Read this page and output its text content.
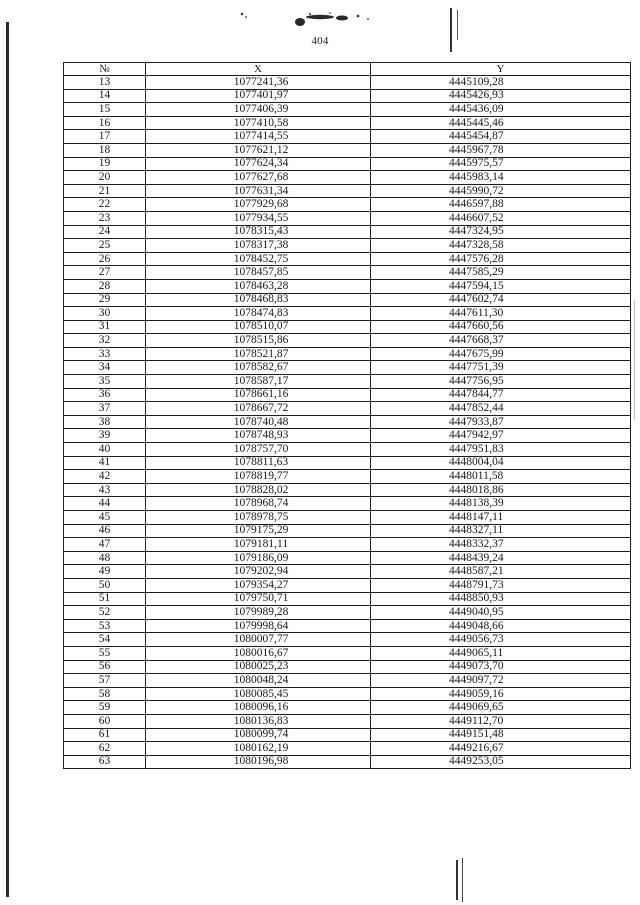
404
№	X	Y
13	1077241,36	4445109,28
14	1077401,97	4445426,93
15	1077406,39	4445436,09
16	1077410,58	4445445,46
17	1077414,55	4445454,87
18	1077621,12	4445967,78
19	1077624,34	4445975,57
20	1077627,68	4445983,14
21	1077631,34	4445990,72
22	1077929,68	4446597,88
23	1077934,55	4446607,52
24	1078315,43	4447324,95
25	1078317,38	4447328,58
26	1078452,75	4447576,28
27	1078457,85	4447585,29
28	1078463,28	4447594,15
29	1078468,83	4447602,74
30	1078474,83	4447611,30
31	1078510,07	4447660,56
32	1078515,86	4447668,37
33	1078521,87	4447675,99
34	1078582,67	4447751,39
35	1078587,17	4447756,95
36	1078661,16	4447844,77
37	1078667,72	4447852,44
38	1078740,48	4447933,87
39	1078748,93	4447942,97
40	1078757,70	4447951,83
41	1078811,63	4448004,04
42	1078819,77	4448011,58
43	1078828,02	4448018,86
44	1078968,74	4448138,39
45	1078978,75	4448147,11
46	1079175,29	4448327,11
47	1079181,11	4448332,37
48	1079186,09	4448439,24
49	1079202,94	4448587,21
50	1079354,27	4448791,73
51	1079750,71	4448850,93
52	1079989,28	4449040,95
53	1079998,64	4449048,66
54	1080007,77	4449056,73
55	1080016,67	4449065,11
56	1080025,23	4449073,70
57	1080048,24	4449097,72
58	1080085,45	4449059,16
59	1080096,16	4449069,65
60	1080136,83	4449112,70
61	1080099,74	4449151,48
62	1080162,19	4449216,67
63	1080196,98	4449253,05
